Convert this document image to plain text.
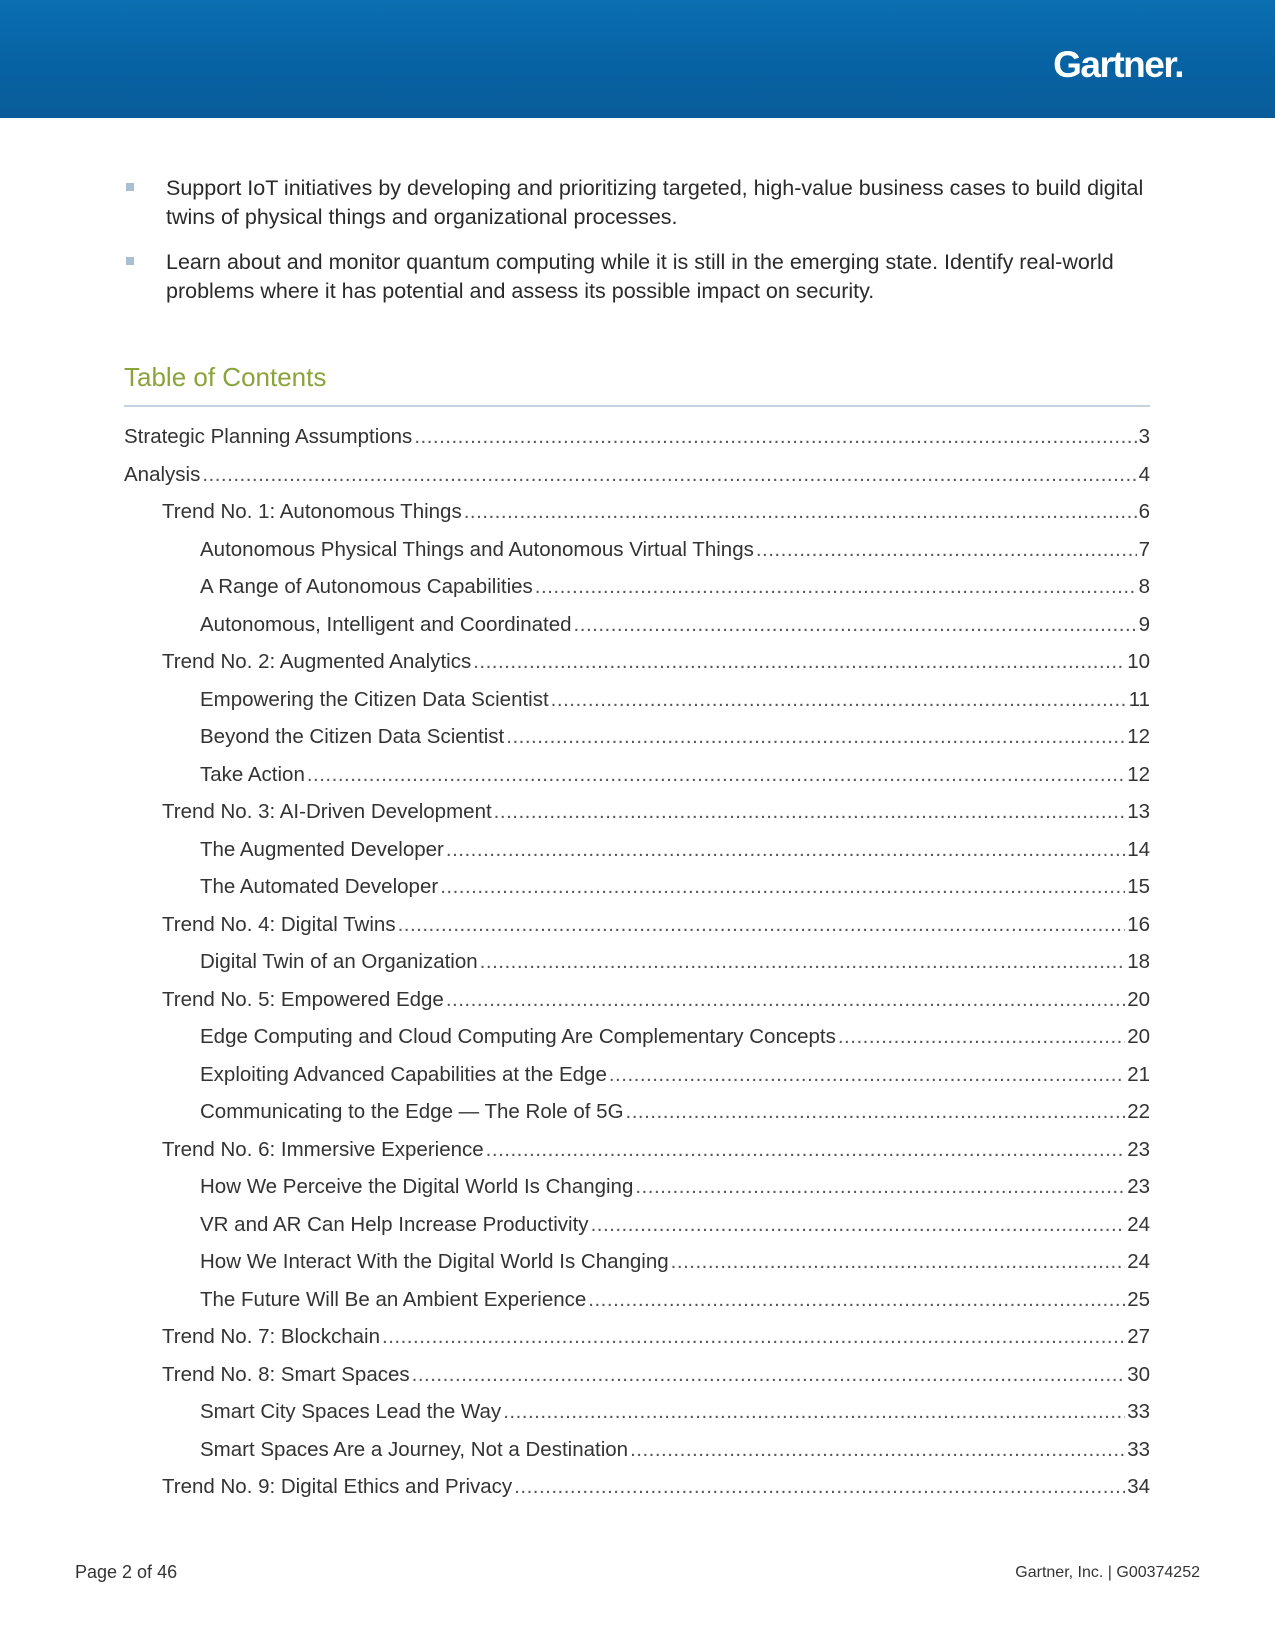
Gartner.
Support IoT initiatives by developing and prioritizing targeted, high-value business cases to build digital twins of physical things and organizational processes.
Learn about and monitor quantum computing while it is still in the emerging state. Identify real-world problems where it has potential and assess its possible impact on security.
Table of Contents
Strategic Planning Assumptions .....	3
Analysis .....	4
Trend No. 1: Autonomous Things .....	6
Autonomous Physical Things and Autonomous Virtual Things .....	7
A Range of Autonomous Capabilities .....	8
Autonomous, Intelligent and Coordinated .....	9
Trend No. 2: Augmented Analytics .....	10
Empowering the Citizen Data Scientist .....	11
Beyond the Citizen Data Scientist .....	12
Take Action .....	12
Trend No. 3: AI-Driven Development .....	13
The Augmented Developer .....	14
The Automated Developer .....	15
Trend No. 4: Digital Twins .....	16
Digital Twin of an Organization .....	18
Trend No. 5: Empowered Edge .....	20
Edge Computing and Cloud Computing Are Complementary Concepts .....	20
Exploiting Advanced Capabilities at the Edge .....	21
Communicating to the Edge — The Role of 5G .....	22
Trend No. 6: Immersive Experience .....	23
How We Perceive the Digital World Is Changing .....	23
VR and AR Can Help Increase Productivity .....	24
How We Interact With the Digital World Is Changing .....	24
The Future Will Be an Ambient Experience .....	25
Trend No. 7: Blockchain .....	27
Trend No. 8: Smart Spaces .....	30
Smart City Spaces Lead the Way .....	33
Smart Spaces Are a Journey, Not a Destination .....	33
Trend No. 9: Digital Ethics and Privacy .....	34
Page 2 of 46	Gartner, Inc. | G00374252
